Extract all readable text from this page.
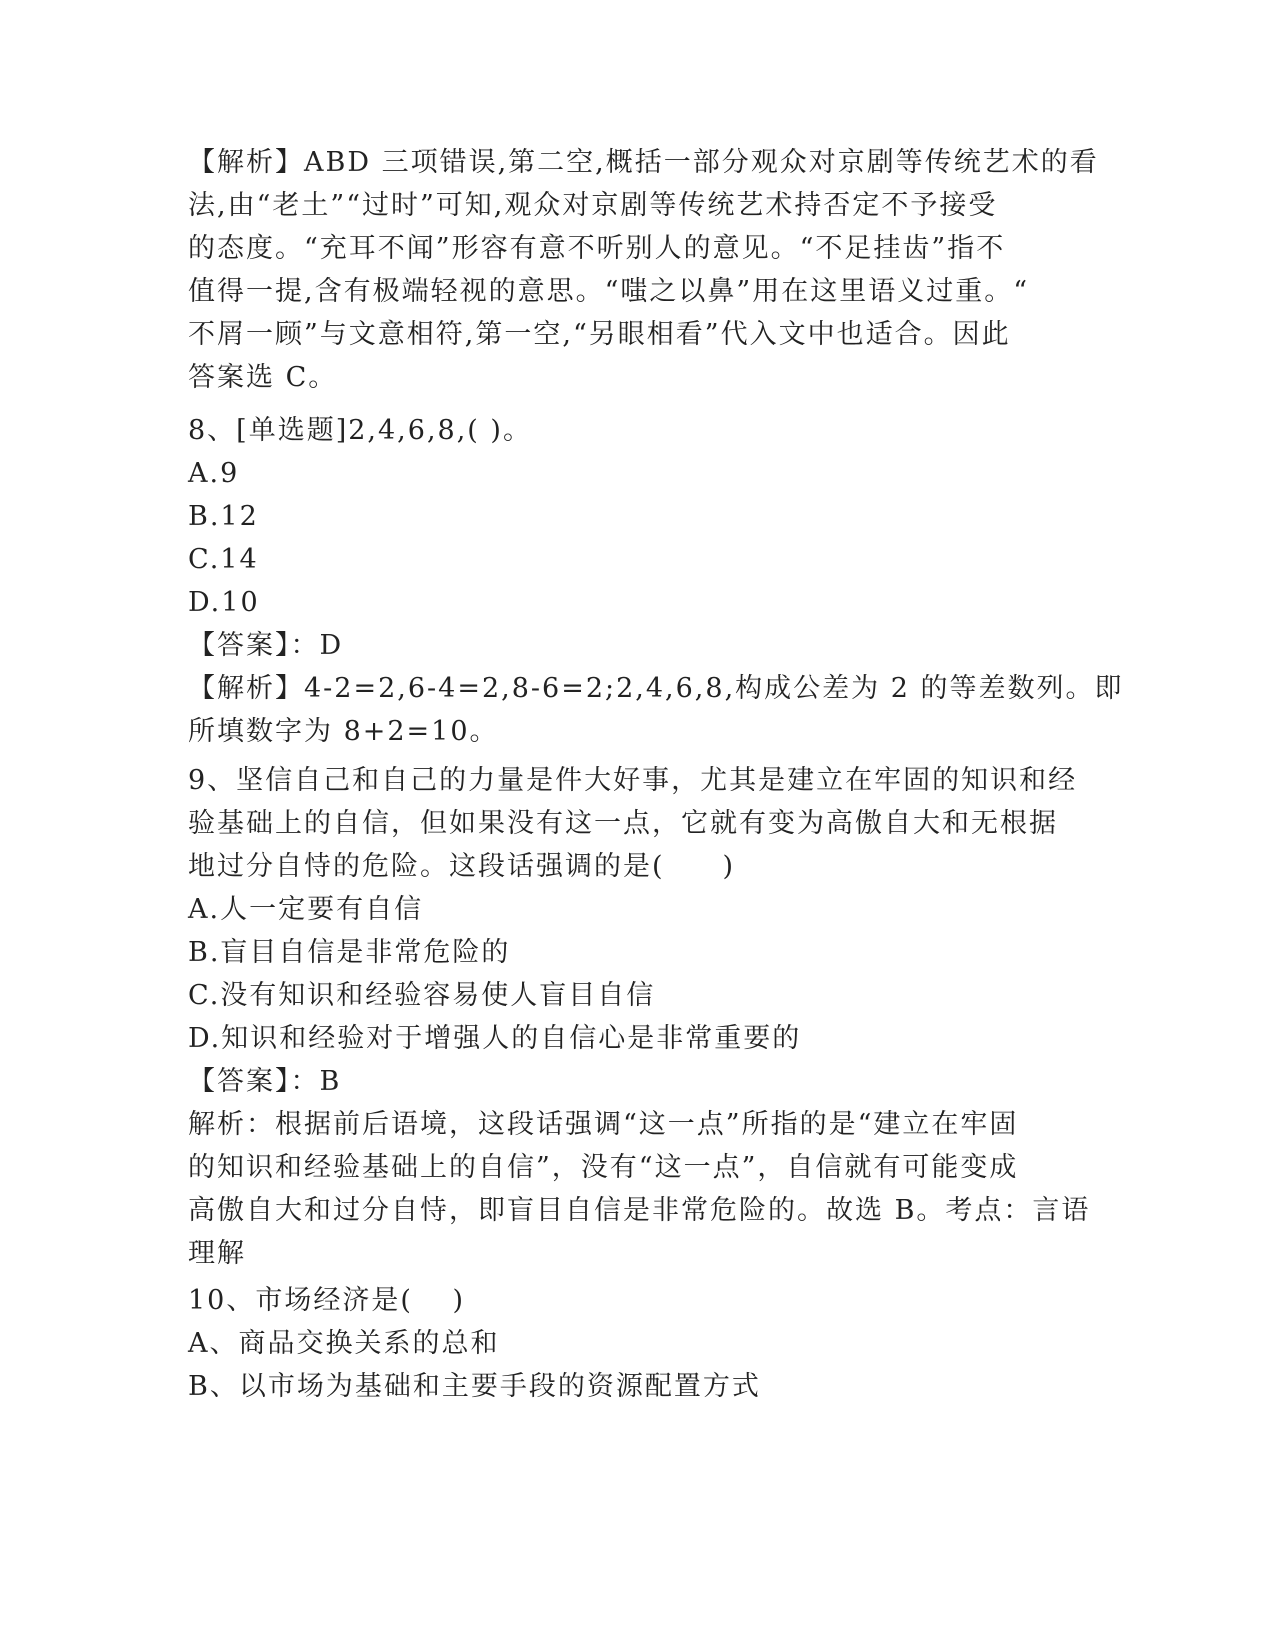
【解析】ABD 三项错误,第二空,概括一部分观众对京剧等传统艺术的看
法,由“老土”“过时”可知,观众对京剧等传统艺术持否定不予接受
的态度。“充耳不闻”形容有意不听别人的意见。“不足挂齿”指不
值得一提,含有极端轻视的意思。“嗤之以鼻”用在这里语义过重。“
不屑一顾”与文意相符,第一空,“另眼相看”代入文中也适合。因此
答案选 C。
8、[单选题]2,4,6,8,( )。
A.9
B.12
C.14
D.10
【答案】：D
【解析】4-2=2,6-4=2,8-6=2;2,4,6,8,构成公差为 2 的等差数列。即
所填数字为 8+2=10。
9、坚信自己和自己的力量是件大好事，尤其是建立在牢固的知识和经
验基础上的自信，但如果没有这一点，它就有变为高傲自大和无根据
地过分自恃的危险。这段话强调的是(　　)
A.人一定要有自信
B.盲目自信是非常危险的
C.没有知识和经验容易使人盲目自信
D.知识和经验对于增强人的自信心是非常重要的
【答案】：B
解析：根据前后语境，这段话强调“这一点”所指的是“建立在牢固
的知识和经验基础上的自信”，没有“这一点”，自信就有可能变成
高傲自大和过分自恃，即盲目自信是非常危险的。故选 B。考点：言语
理解
10、市场经济是(　 )
A、商品交换关系的总和
B、以市场为基础和主要手段的资源配置方式
